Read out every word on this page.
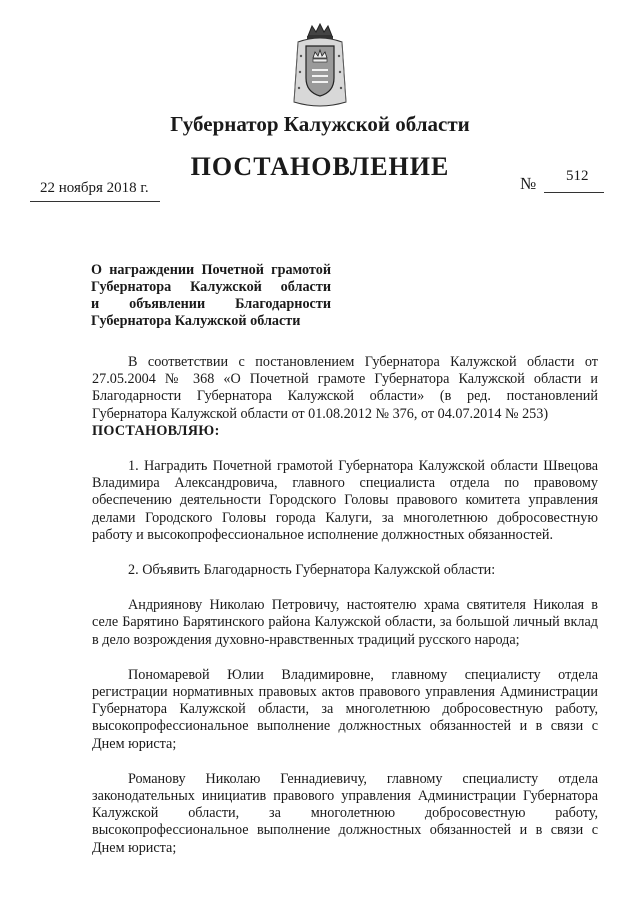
Губернатор Калужской области
ПОСТАНОВЛЕНИЕ
22 ноября 2018 г.	№ 512
О награждении Почетной грамотой
Губернатора Калужской области
и объявлении Благодарности
Губернатора Калужской области

В соответствии с постановлением Губернатора Калужской области от 27.05.2004 № 368 «О Почетной грамоте Губернатора Калужской области и Благодарности Губернатора Калужской области» (в ред. постановлений Губернатора Калужской области от 01.08.2012 № 376, от 04.07.2014 № 253)

ПОСТАНОВЛЯЮ:

1. Наградить Почетной грамотой Губернатора Калужской области Швецова Владимира Александровича, главного специалиста отдела по правовому обеспечению деятельности Городского Головы правового комитета управления делами Городского Головы города Калуги, за многолетнюю добросовестную работу и высокопрофессиональное исполнение должностных обязанностей.

2. Объявить Благодарность Губернатора Калужской области:

Андриянову Николаю Петровичу, настоятелю храма святителя Николая в селе Барятино Барятинского района Калужской области, за большой личный вклад в дело возрождения духовно-нравственных традиций русского народа;

Пономаревой Юлии Владимировне, главному специалисту отдела регистрации нормативных правовых актов правового управления Администрации Губернатора Калужской области, за многолетнюю добросовестную работу, высокопрофессиональное выполнение должностных обязанностей и в связи с Днем юриста;

Романову Николаю Геннадиевичу, главному специалисту отдела законодательных инициатив правового управления Администрации Губернатора Калужской области, за многолетнюю добросовестную работу, высокопрофессиональное выполнение должностных обязанностей и в связи с Днем юриста;
